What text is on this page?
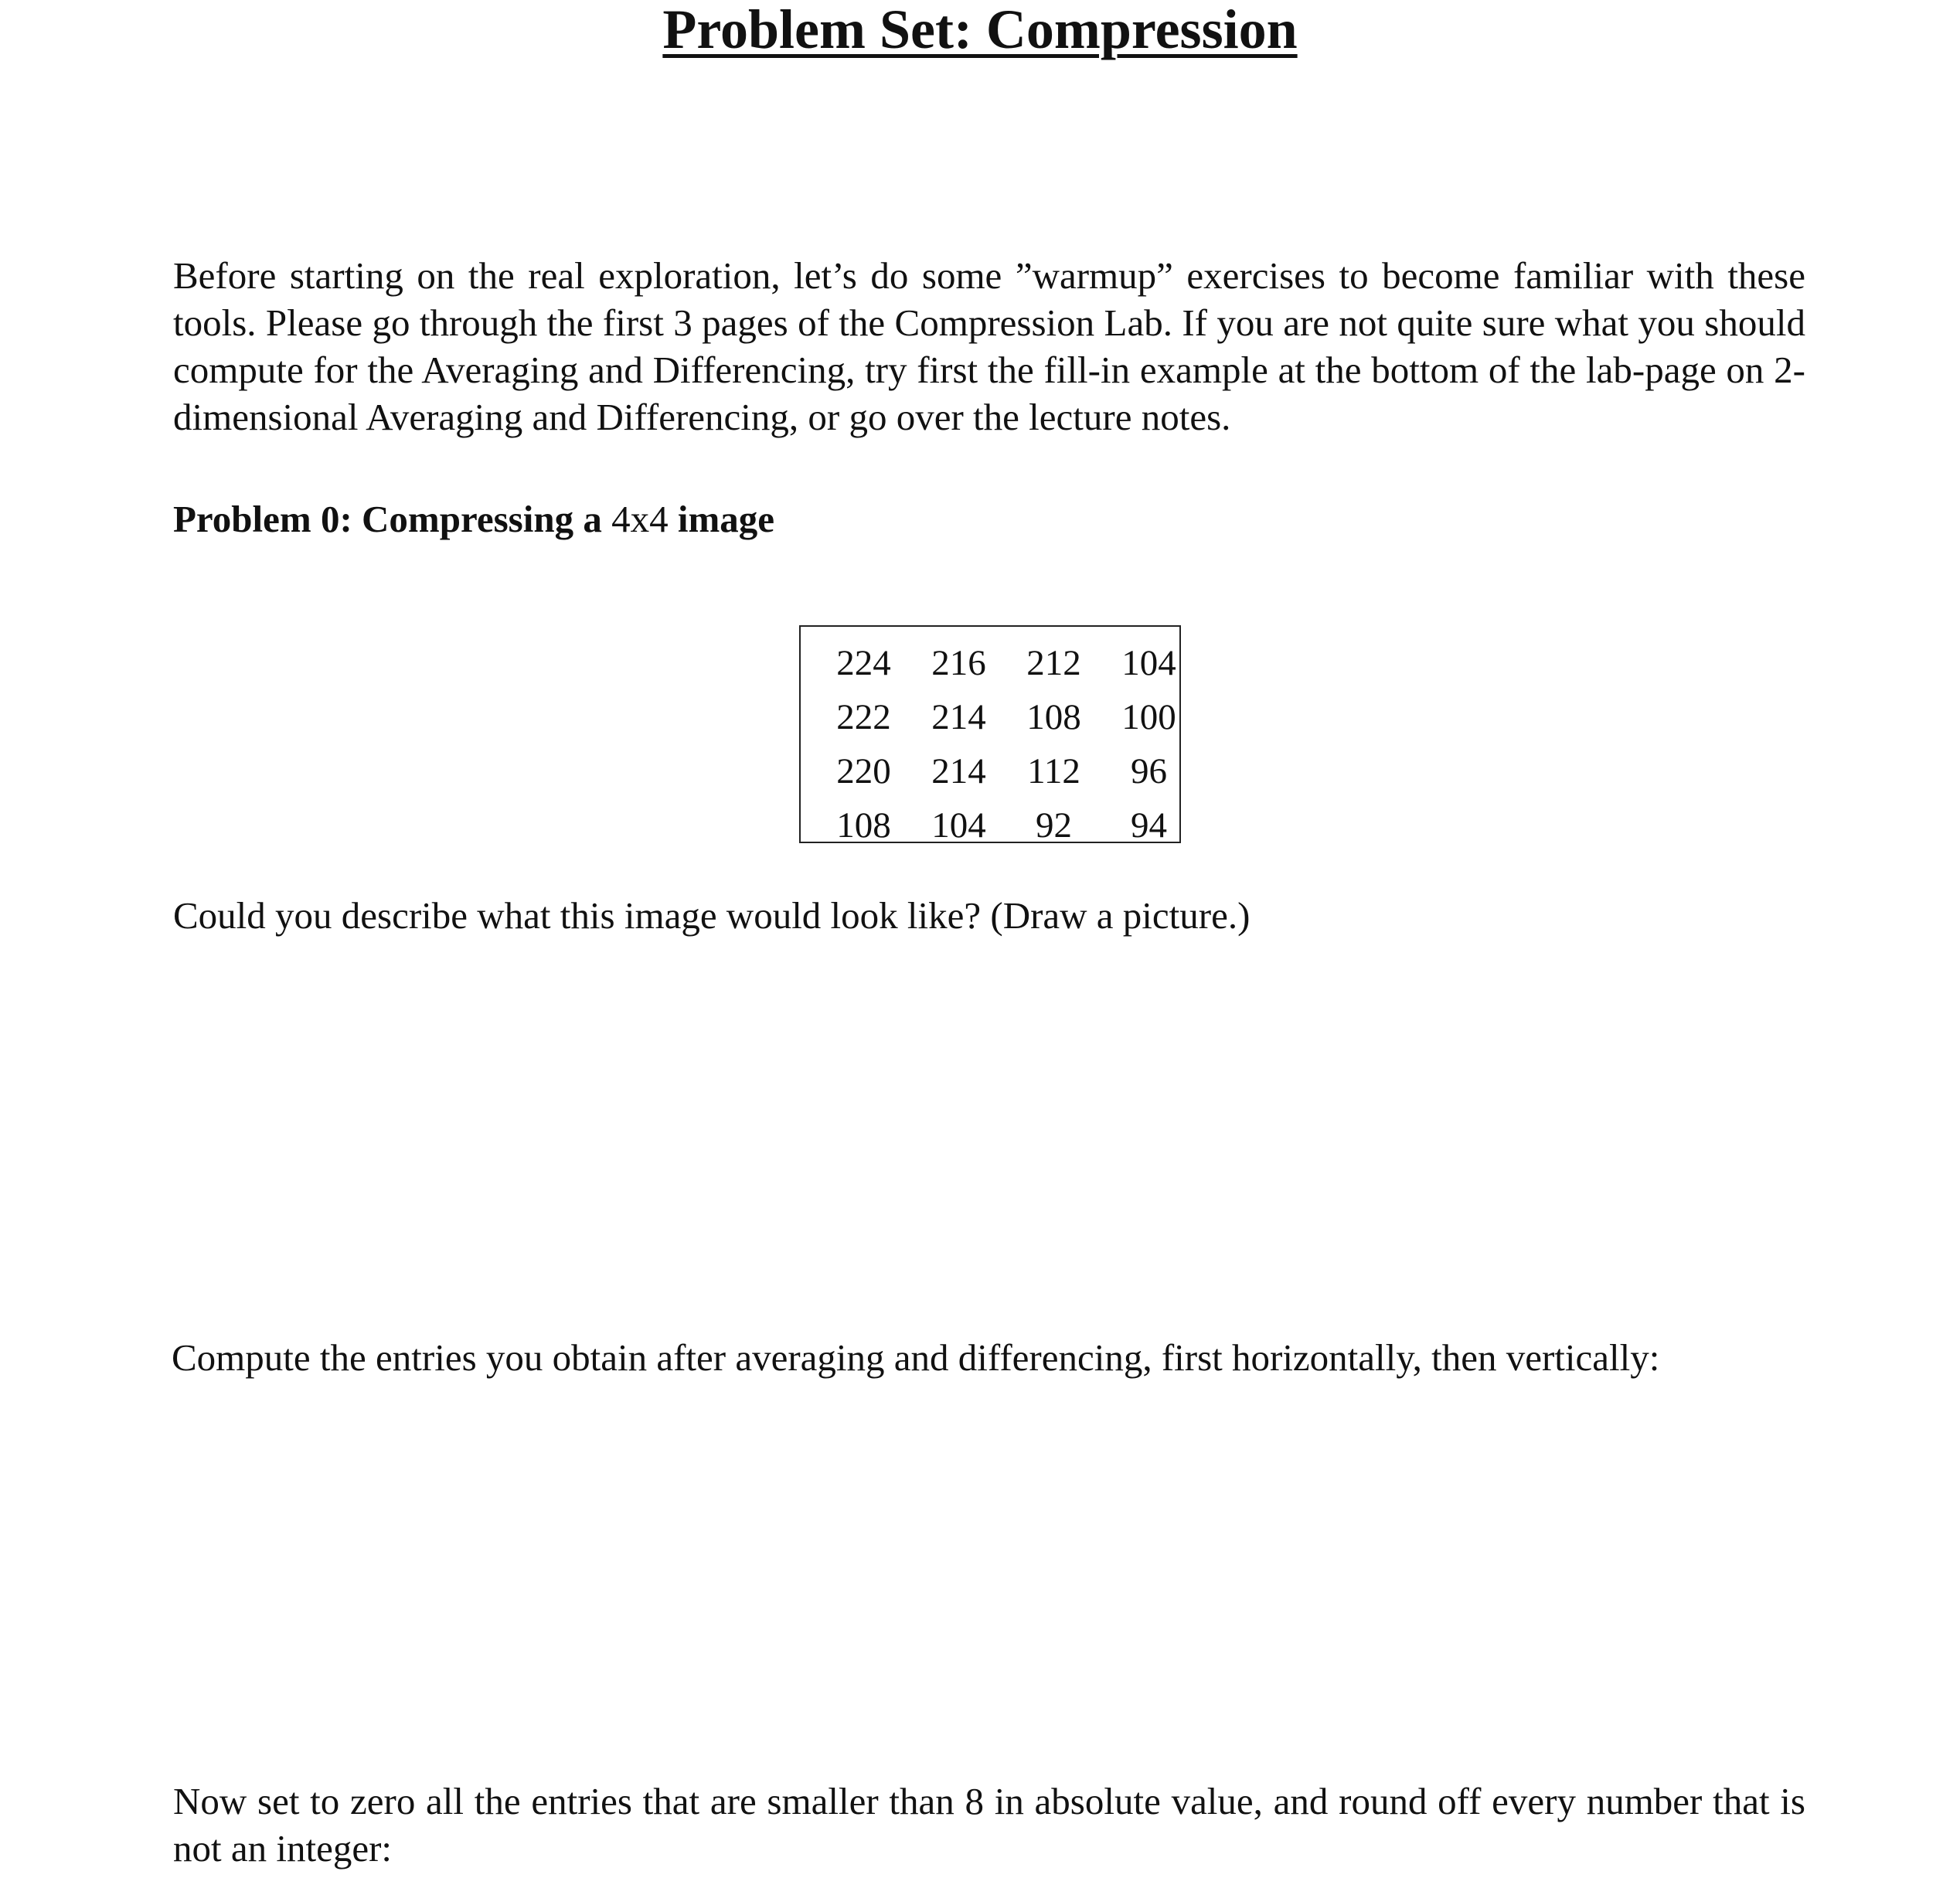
Problem Set: Compression

Before starting on the real exploration, let’s do some ”warmup” exercises to become familiar with these tools. Please go through the first 3 pages of the Compression Lab. If you are not quite sure what you should compute for the Averaging and Differencing, try first the fill-in example at the bottom of the lab-page on 2-dimensional Averaging and Differencing, or go over the lecture notes.

Problem 0: Compressing a 4x4 image

224	216	212	104
222	214	108	100
220	214	112	96
108	104	92	94

Could you describe what this image would look like? (Draw a picture.)

Compute the entries you obtain after averaging and differencing, first horizontally, then vertically:

Now set to zero all the entries that are smaller than 8 in absolute value, and round off every number that is not an integer:
